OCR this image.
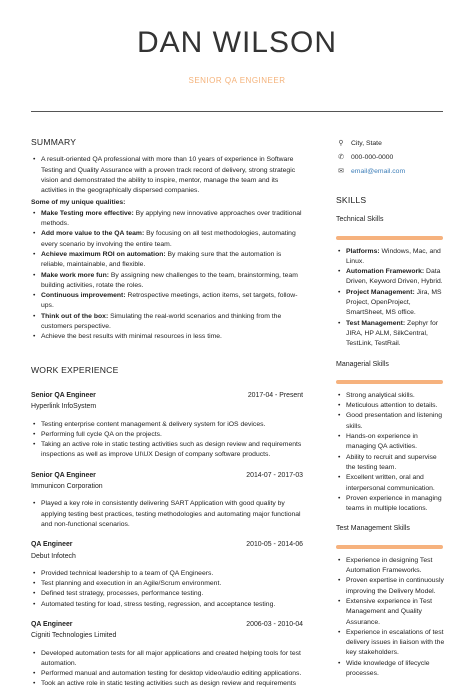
DAN WILSON
SENIOR QA ENGINEER
SUMMARY
• A result-oriented QA professional with more than 10 years of experience in Software Testing and Quality Assurance with a proven track record of delivery, strong strategic vision and demonstrated the ability to inspire, mentor, manage the team and its activities in the geographically dispersed companies.
Some of my unique qualities:
• Make Testing more effective: By applying new innovative approaches over traditional methods.
• Add more value to the QA team: By focusing on all test methodologies, automating every scenario by involving the entire team.
• Achieve maximum ROI on automation: By making sure that the automation is reliable, maintainable, and flexible.
• Make work more fun: By assigning new challenges to the team, brainstorming, team building activities, rotate the roles.
• Continuous improvement: Retrospective meetings, action items, set targets, follow-ups.
• Think out of the box: Simulating the real-world scenarios and thinking from the customers perspective.
• Achieve the best results with minimal resources in less time.
WORK EXPERIENCE
Senior QA Engineer	2017-04 - Present
Hyperlink InfoSystem
• Testing enterprise content management & delivery system for iOS devices.
• Performing full cycle QA on the projects.
• Taking an active role in static testing activities such as design review and requirements inspections as well as improve UI\UX Design of company software products.
Senior QA Engineer	2014-07 - 2017-03
Immunicon Corporation
• Played a key role in consistently delivering SART Application with good quality by applying testing best practices, testing methodologies and automating major functional and non-functional scenarios.
QA Engineer	2010-05 - 2014-06
Debut Infotech
• Provided technical leadership to a team of QA Engineers.
• Test planning and execution in an Agile/Scrum environment.
• Defined test strategy, processes, performance testing.
• Automated testing for load, stress testing, regression, and acceptance testing.
QA Engineer	2006-03 - 2010-04
Cigniti Technologies Limited
• Developed automation tests for all major applications and created helping tools for test automation.
• Performed manual and automation testing for desktop video/audio editing applications.
• Took an active role in static testing activities such as design review and requirements
⚲	City, State
✆	000-000-0000
✉	email@email.com
SKILLS
Technical Skills
• Platforms: Windows, Mac, and Linux.
• Automation Framework: Data Driven, Keyword Driven, Hybrid.
• Project Management: Jira, MS Project, OpenProject, SmartSheet, MS office.
• Test Management: Zephyr for JIRA, HP ALM, SilkCentral, TestLink, TestRail.
Managerial Skills
• Strong analytical skills.
• Meticulous attention to details.
• Good presentation and listening skills.
• Hands-on experience in managing QA activities.
• Ability to recruit and supervise the testing team.
• Excellent written, oral and interpersonal communication.
• Proven experience in managing teams in multiple locations.
Test Management Skills
• Experience in designing Test Automation Frameworks.
• Proven expertise in continuously improving the Delivery Model.
• Extensive experience in Test Management and Quality Assurance.
• Experience in escalations of test delivery issues in liaison with the key stakeholders.
• Wide knowledge of lifecycle processes.
